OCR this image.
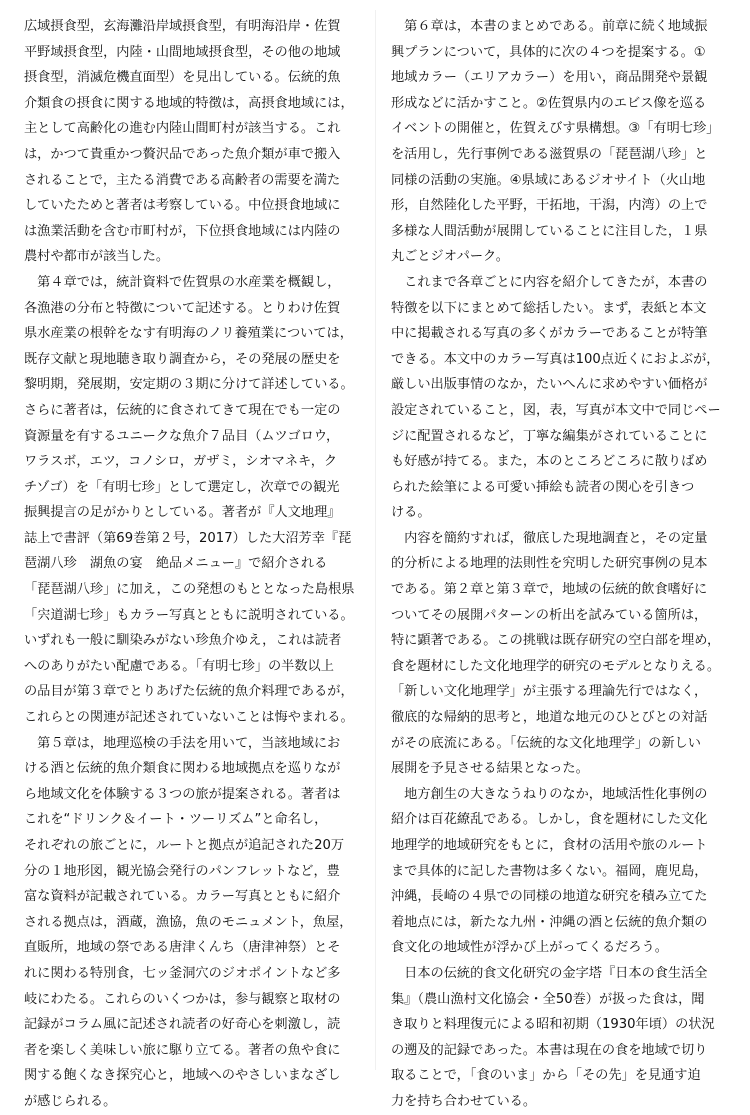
広域摂食型，玄海灘沿岸域摂食型，有明海沿岸・佐賀
平野域摂食型，内陸・山間地域摂食型，その他の地域
摂食型，消滅危機直面型）を見出している。伝統的魚
介類食の摂食に関する地域的特徴は，高摂食地域には，
主として高齢化の進む内陸山間町村が該当する。これ
は，かつて貴重かつ贅沢品であった魚介類が車で搬入
されることで，主たる消費である高齢者の需要を満た
していたためと著者は考察している。中位摂食地域に
は漁業活動を含む市町村が，下位摂食地域には内陸の
農村や都市が該当した。
　第４章では，統計資料で佐賀県の水産業を概観し，
各漁港の分布と特徴について記述する。とりわけ佐賀
県水産業の根幹をなす有明海のノリ養殖業については，
既存文献と現地聴き取り調査から，その発展の歴史を
黎明期，発展期，安定期の３期に分けて詳述している。
さらに著者は，伝統的に食されてきて現在でも一定の
資源量を有するユニークな魚介７品目（ムツゴロウ，
ワラスボ，エツ，コノシロ，ガザミ，シオマネキ，ク
チゾゴ）を「有明七珍」として選定し，次章での観光
振興提言の足がかりとしている。著者が『人文地理』
誌上で書評（第69巻第２号，2017）した大沼芳幸『琵
琶湖八珍　湖魚の宴　絶品メニュー』で紹介される
「琵琶湖八珍」に加え，この発想のもととなった島根県
「宍道湖七珍」もカラー写真とともに説明されている。
いずれも一般に馴染みがない珍魚介ゆえ，これは読者
へのありがたい配慮である。「有明七珍」の半数以上
の品目が第３章でとりあげた伝統的魚介料理であるが，
これらとの関連が記述されていないことは悔やまれる。
　第５章は，地理巡検の手法を用いて，当該地域にお
ける酒と伝統的魚介類食に関わる地域拠点を巡りなが
ら地域文化を体験する３つの旅が提案される。著者は
これを“ドリンク＆イート・ツーリズム”と命名し，
それぞれの旅ごとに，ルートと拠点が追記された20万
分の１地形図，観光協会発行のパンフレットなど，豊
富な資料が記載されている。カラー写真とともに紹介
される拠点は，酒蔵，漁協，魚のモニュメント，魚屋，
直販所，地域の祭である唐津くんち（唐津神祭）とそ
れに関わる特別食，七ッ釜洞穴のジオポイントなど多
岐にわたる。これらのいくつかは，参与観察と取材の
記録がコラム風に記述され読者の好奇心を刺激し，読
者を楽しく美味しい旅に駆り立てる。著者の魚や食に
関する飽くなき探究心と，地域へのやさしいまなざし
が感じられる。
　第６章は，本書のまとめである。前章に続く地域振
興プランについて，具体的に次の４つを提案する。①
地域カラー（エリアカラー）を用い，商品開発や景観
形成などに活かすこと。②佐賀県内のエビス像を巡る
イベントの開催と，佐賀えびす県構想。③「有明七珍」
を活用し，先行事例である滋賀県の「琵琶湖八珍」と
同様の活動の実施。④県域にあるジオサイト（火山地
形，自然陸化した平野，干拓地，干潟，内湾）の上で
多様な人間活動が展開していることに注目した，１県
丸ごとジオパーク。
　これまで各章ごとに内容を紹介してきたが，本書の
特徴を以下にまとめて総括したい。まず，表紙と本文
中に掲載される写真の多くがカラーであることが特筆
できる。本文中のカラー写真は100点近くにおよぶが，
厳しい出版事情のなか，たいへんに求めやすい価格が
設定されていること，図，表，写真が本文中で同じペー
ジに配置されるなど，丁寧な編集がされていることに
も好感が持てる。また，本のところどころに散りばめ
られた絵筆による可愛い挿絵も読者の関心を引きつ
ける。
　内容を簡約すれば，徹底した現地調査と，その定量
的分析による地理的法則性を究明した研究事例の見本
である。第２章と第３章で，地域の伝統的飲食嗜好に
ついてその展開パターンの析出を試みている箇所は，
特に顕著である。この挑戦は既存研究の空白部を埋め，
食を題材にした文化地理学的研究のモデルとなりえる。
「新しい文化地理学」が主張する理論先行ではなく，
徹底的な帰納的思考と，地道な地元のひとびとの対話
がその底流にある。「伝統的な文化地理学」の新しい
展開を予見させる結果となった。
　地方創生の大きなうねりのなか，地域活性化事例の
紹介は百花繚乱である。しかし，食を題材にした文化
地理学的地域研究をもとに，食材の活用や旅のルート
まで具体的に記した書物は多くない。福岡，鹿児島，
沖縄，長崎の４県での同様の地道な研究を積み立てた
着地点には，新たな九州・沖縄の酒と伝統的魚介類の
食文化の地域性が浮かび上がってくるだろう。
　日本の伝統的食文化研究の金字塔『日本の食生活全
集』（農山漁村文化協会・全50巻）が扱った食は，聞
き取りと料理復元による昭和初期（1930年頃）の状況
の遡及的記録であった。本書は現在の食を地域で切り
取ることで，「食のいま」から「その先」を見通す迫
力を持ち合わせている。
